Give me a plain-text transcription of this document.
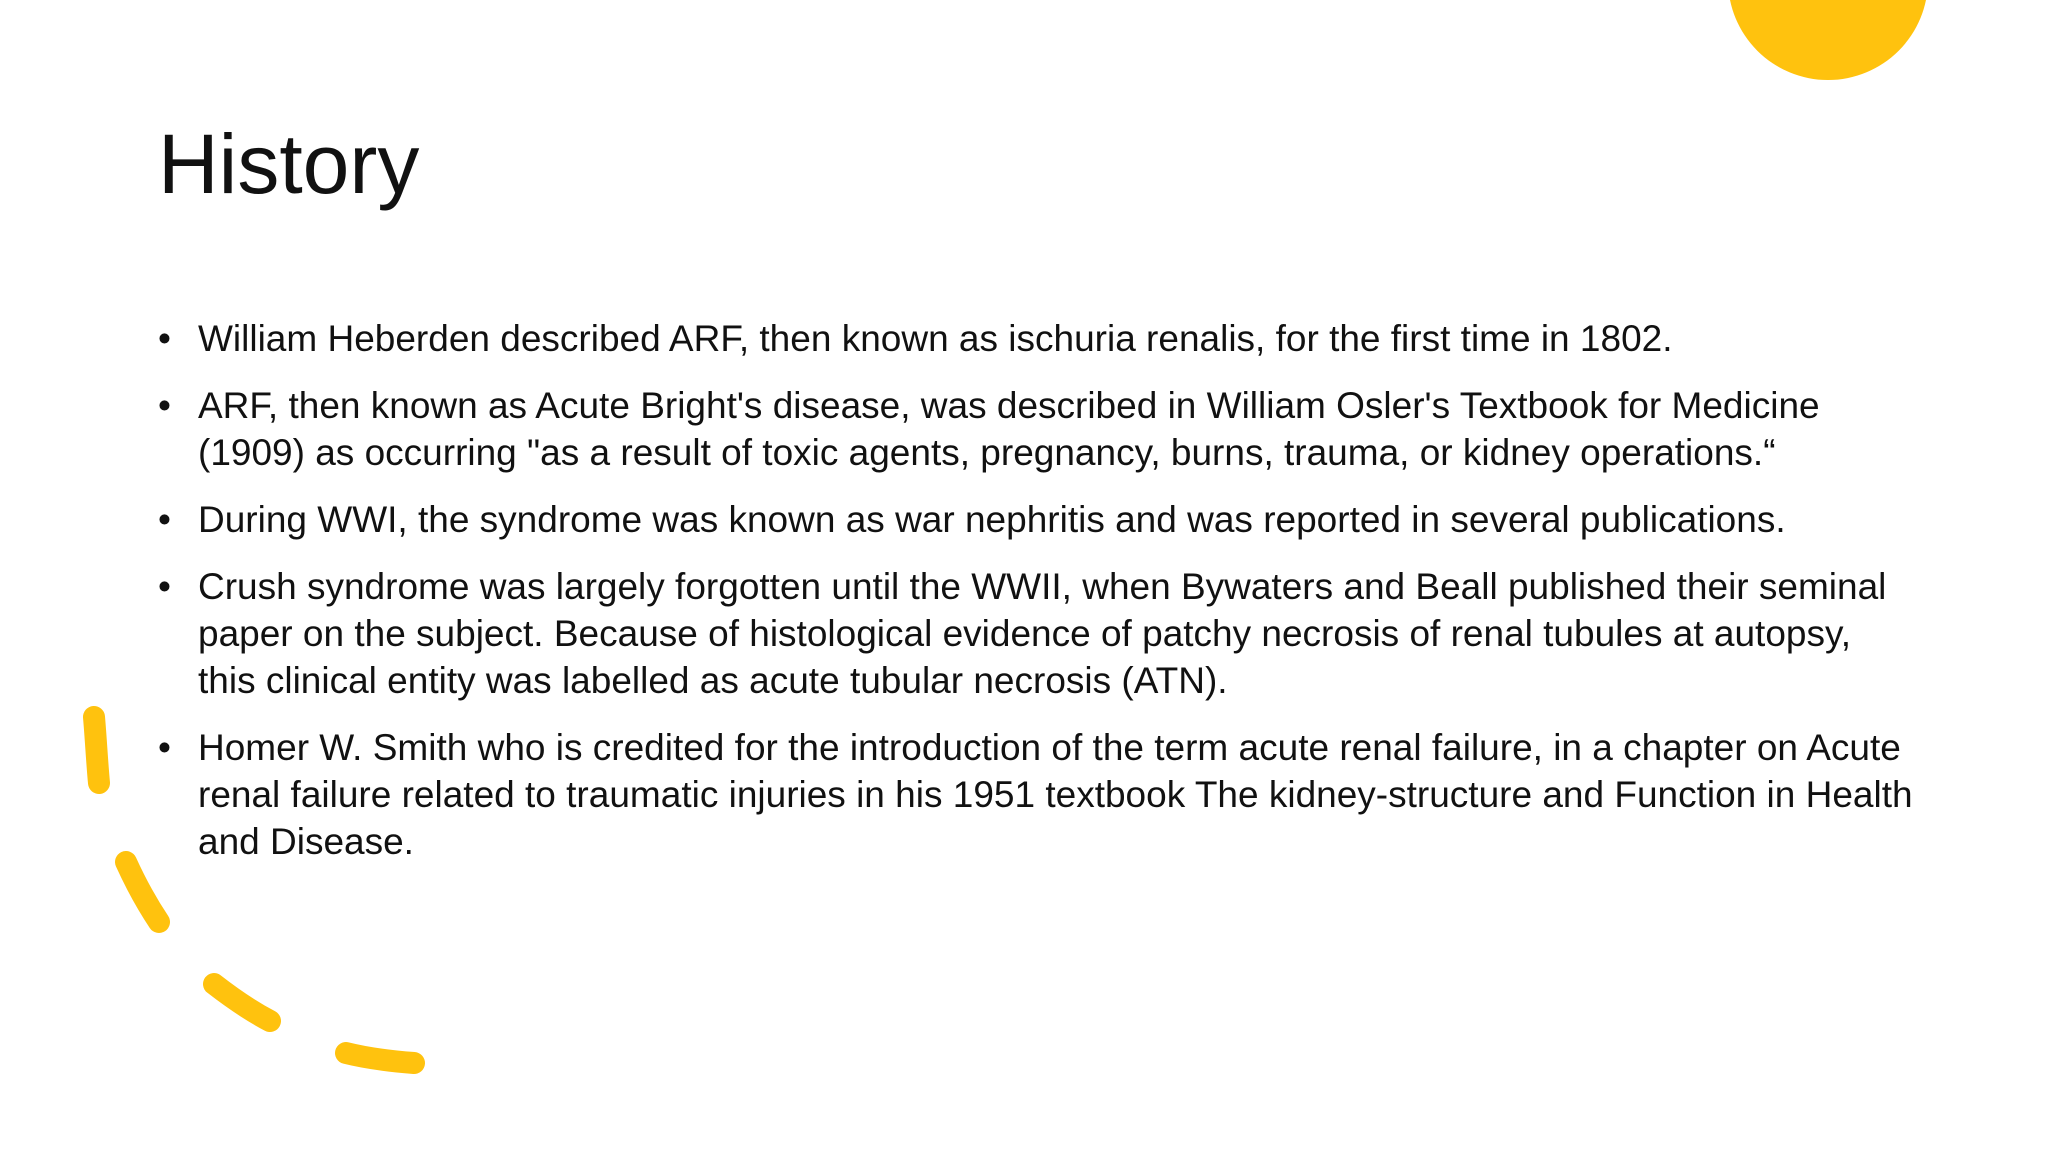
History
• William Heberden described ARF, then known as ischuria renalis, for the first time in 1802.
• ARF, then known as Acute Bright's disease, was described in William Osler's Textbook for Medicine (1909) as occurring "as a result of toxic agents, pregnancy, burns, trauma, or kidney operations.“
• During WWI, the syndrome was known as war nephritis and was reported in several publications.
• Crush syndrome was largely forgotten until the WWII, when Bywaters and Beall published their seminal paper on the subject. Because of histological evidence of patchy necrosis of renal tubules at autopsy, this clinical entity was labelled as acute tubular necrosis (ATN).
• Homer W. Smith who is credited for the introduction of the term acute renal failure, in a chapter on Acute renal failure related to traumatic injuries in his 1951 textbook The kidney-structure and Function in Health and Disease.
